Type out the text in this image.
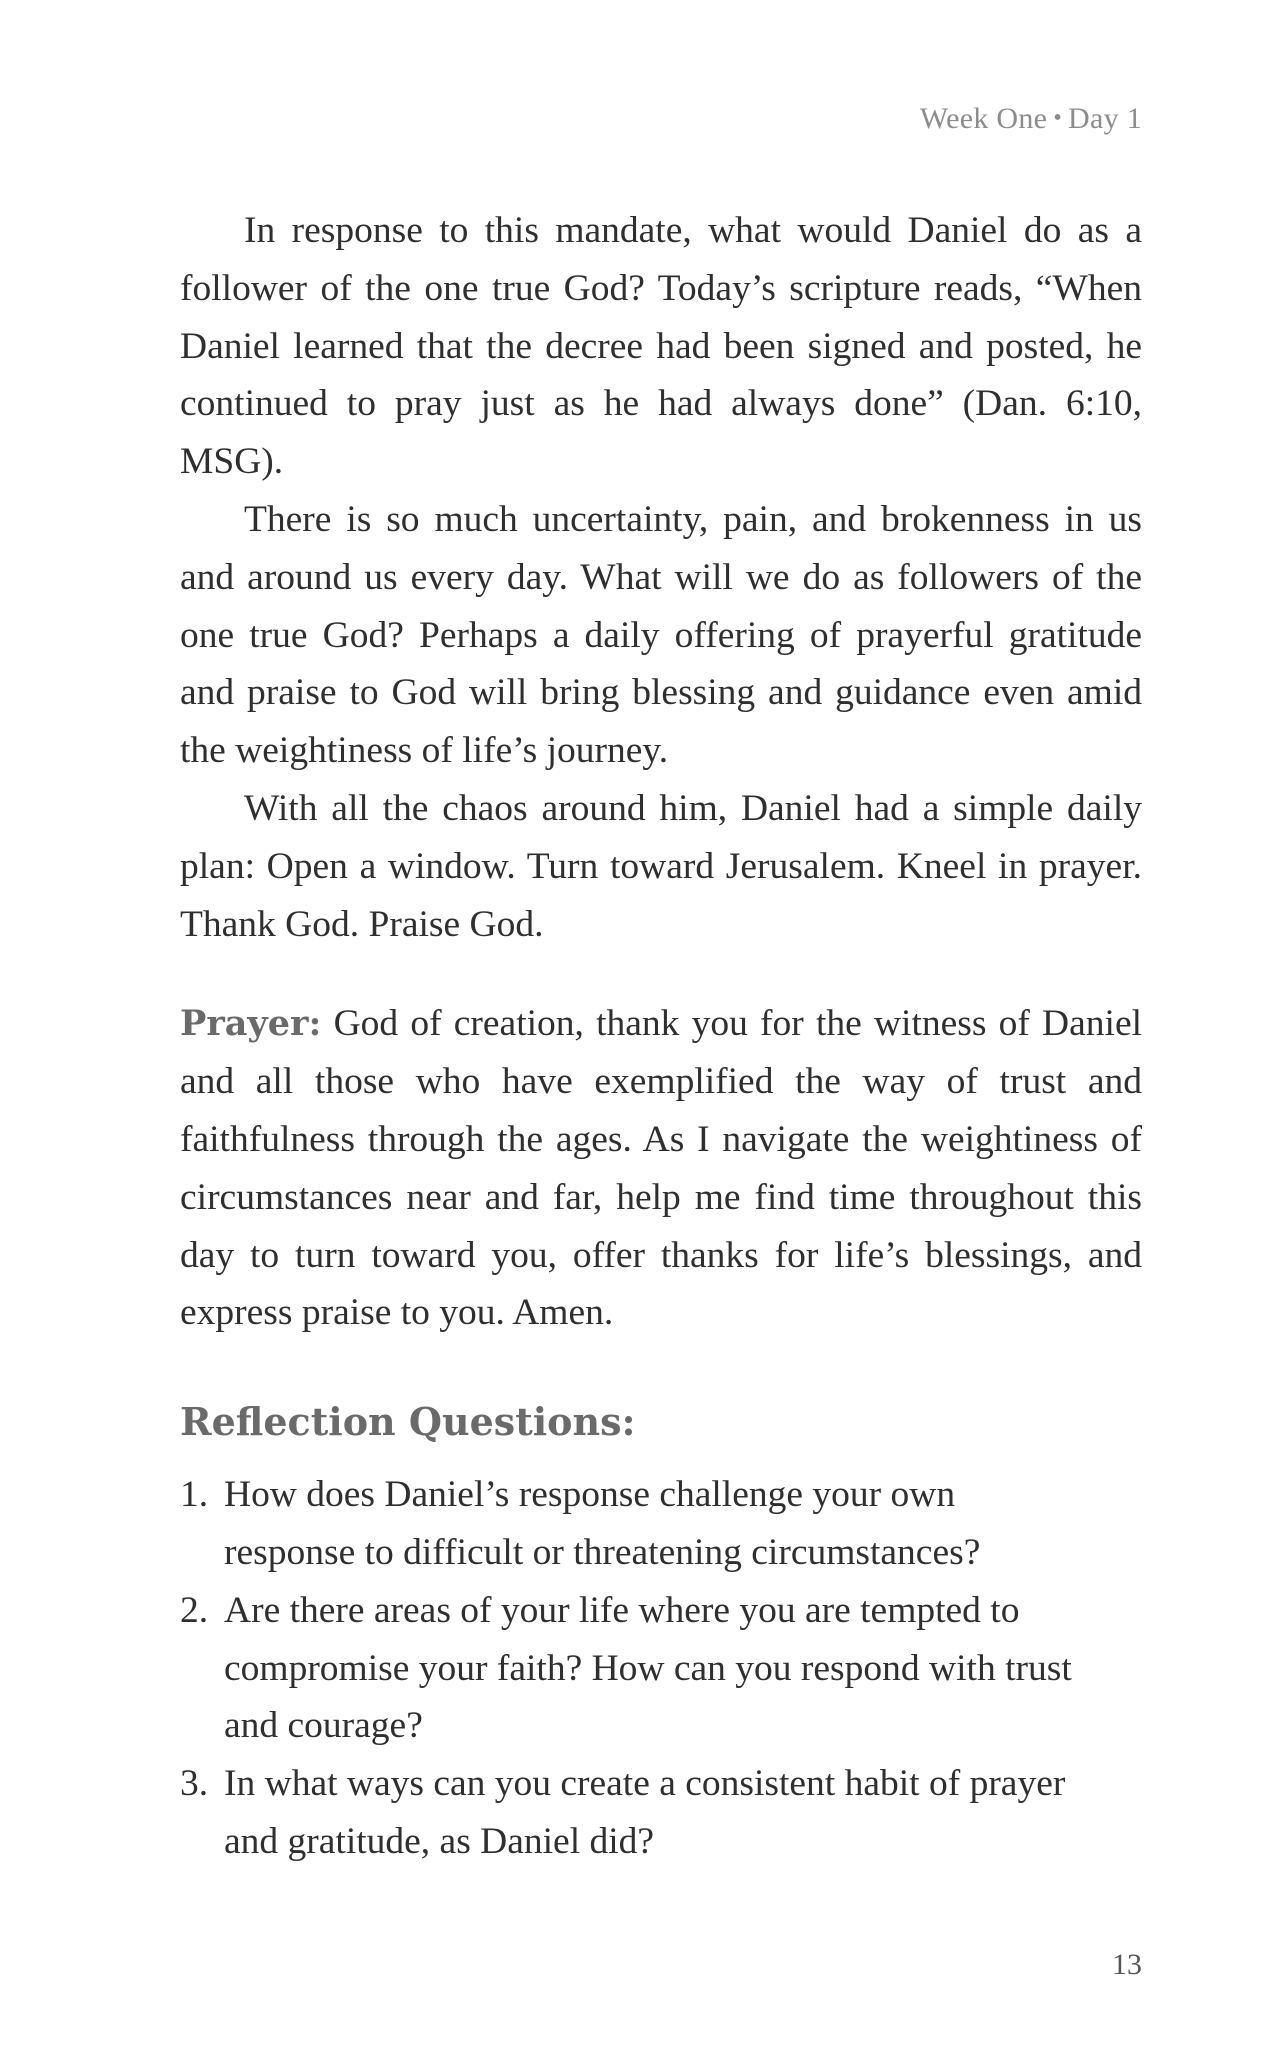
Week One • Day 1

In response to this mandate, what would Daniel do as a follower of the one true God? Today’s scripture reads, “When Daniel learned that the decree had been signed and posted, he continued to pray just as he had always done” (Dan. 6:10, MSG).

There is so much uncertainty, pain, and brokenness in us and around us every day. What will we do as followers of the one true God? Perhaps a daily offering of prayerful gratitude and praise to God will bring blessing and guidance even amid the weightiness of life’s journey.

With all the chaos around him, Daniel had a simple daily plan: Open a window. Turn toward Jerusalem. Kneel in prayer. Thank God. Praise God.

Prayer: God of creation, thank you for the witness of Daniel and all those who have exemplified the way of trust and faithfulness through the ages. As I navigate the weightiness of circumstances near and far, help me find time throughout this day to turn toward you, offer thanks for life’s blessings, and express praise to you. Amen.

Reflection Questions:
1. How does Daniel’s response challenge your own response to difficult or threatening circumstances?
2. Are there areas of your life where you are tempted to compromise your faith? How can you respond with trust and courage?
3. In what ways can you create a consistent habit of prayer and gratitude, as Daniel did?
13
